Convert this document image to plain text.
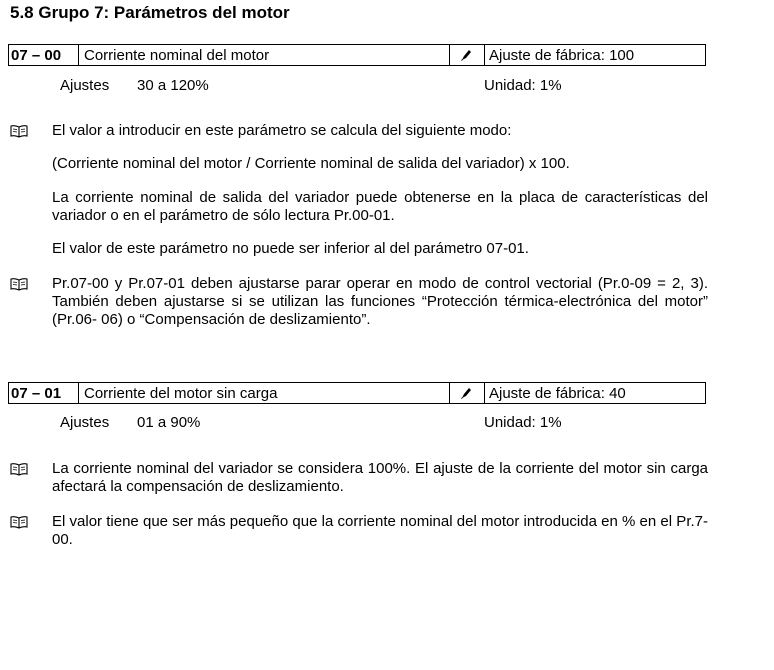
5.8 Grupo 7: Parámetros del motor
07 – 00	Corriente nominal del motor	Ajuste de fábrica: 100
Ajustes 30 a 120%	Unidad: 1%
El valor a introducir en este parámetro se calcula del siguiente modo:
(Corriente nominal del motor / Corriente nominal de salida del variador) x 100.
La corriente nominal de salida del variador puede obtenerse en la placa de características del variador o en el parámetro de sólo lectura Pr.00-01.
El valor de este parámetro no puede ser inferior al del parámetro 07-01.
Pr.07-00 y Pr.07-01 deben ajustarse parar operar en modo de control vectorial (Pr.0-09 = 2, 3). También deben ajustarse si se utilizan las funciones “Protección térmica-electrónica del motor” (Pr.06- 06) o “Compensación de deslizamiento”.
07 – 01	Corriente del motor sin carga	Ajuste de fábrica: 40
Ajustes 01 a 90%	Unidad: 1%
La corriente nominal del variador se considera 100%. El ajuste de la corriente del motor sin carga afectará la compensación de deslizamiento.
El valor tiene que ser más pequeño que la corriente nominal del motor introducida en % en el Pr.7-00.
